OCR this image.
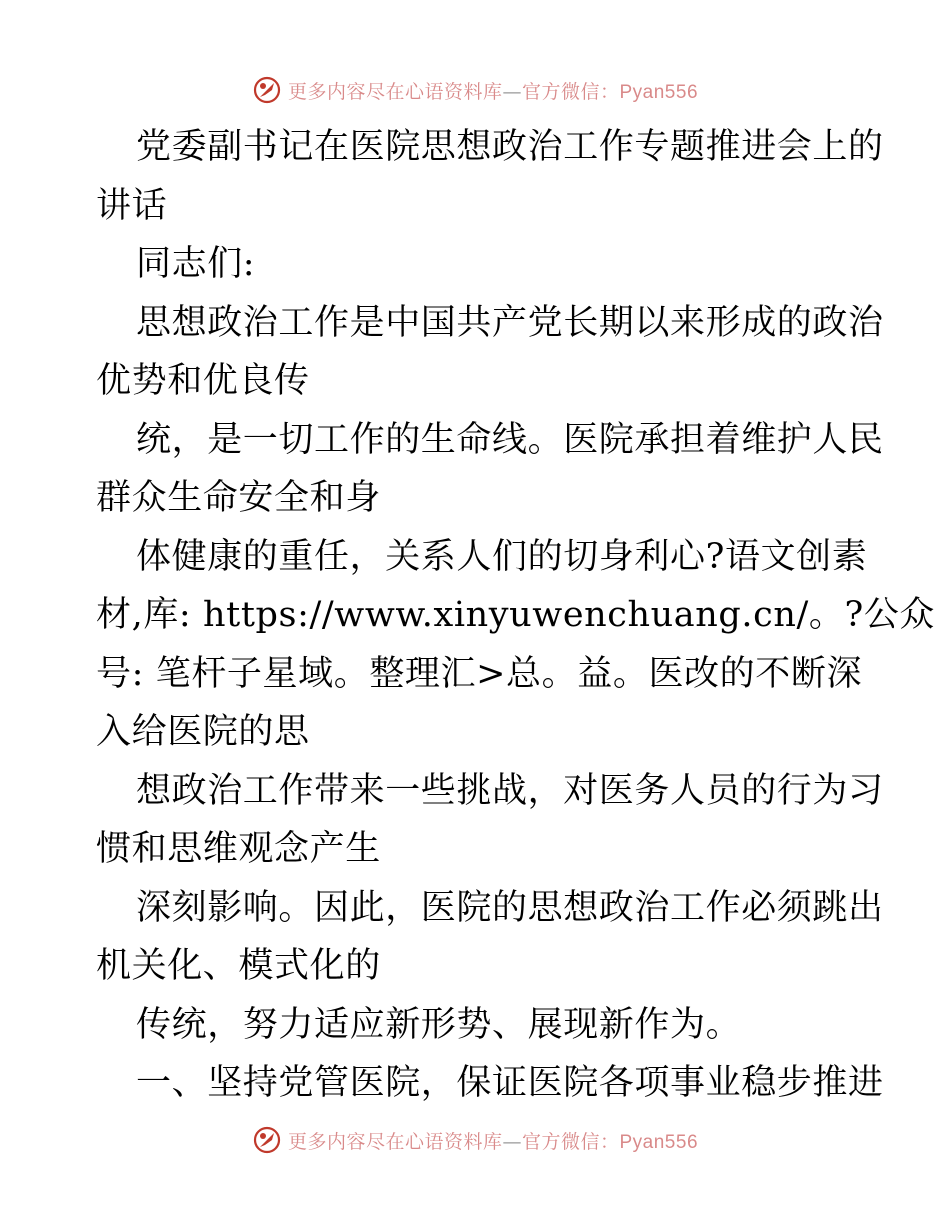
更多内容尽在心语资料库—官方微信：Pyan556
党委副书记在医院思想政治工作专题推进会上的
讲话
同志们:
思想政治工作是中国共产党长期以来形成的政治
优势和优良传
统，是一切工作的生命线。医院承担着维护人民
群众生命安全和身
体健康的重任，关系人们的切身利心?语文创素
材,库: https://www.xinyuwenchuang.cn/。?公众
号: 笔杆子星域。整理汇>总。益。医改的不断深
入给医院的思
想政治工作带来一些挑战，对医务人员的行为习
惯和思维观念产生
深刻影响。因此，医院的思想政治工作必须跳出
机关化、模式化的
传统，努力适应新形势、展现新作为。
一、坚持党管医院，保证医院各项事业稳步推进
更多内容尽在心语资料库—官方微信：Pyan556
